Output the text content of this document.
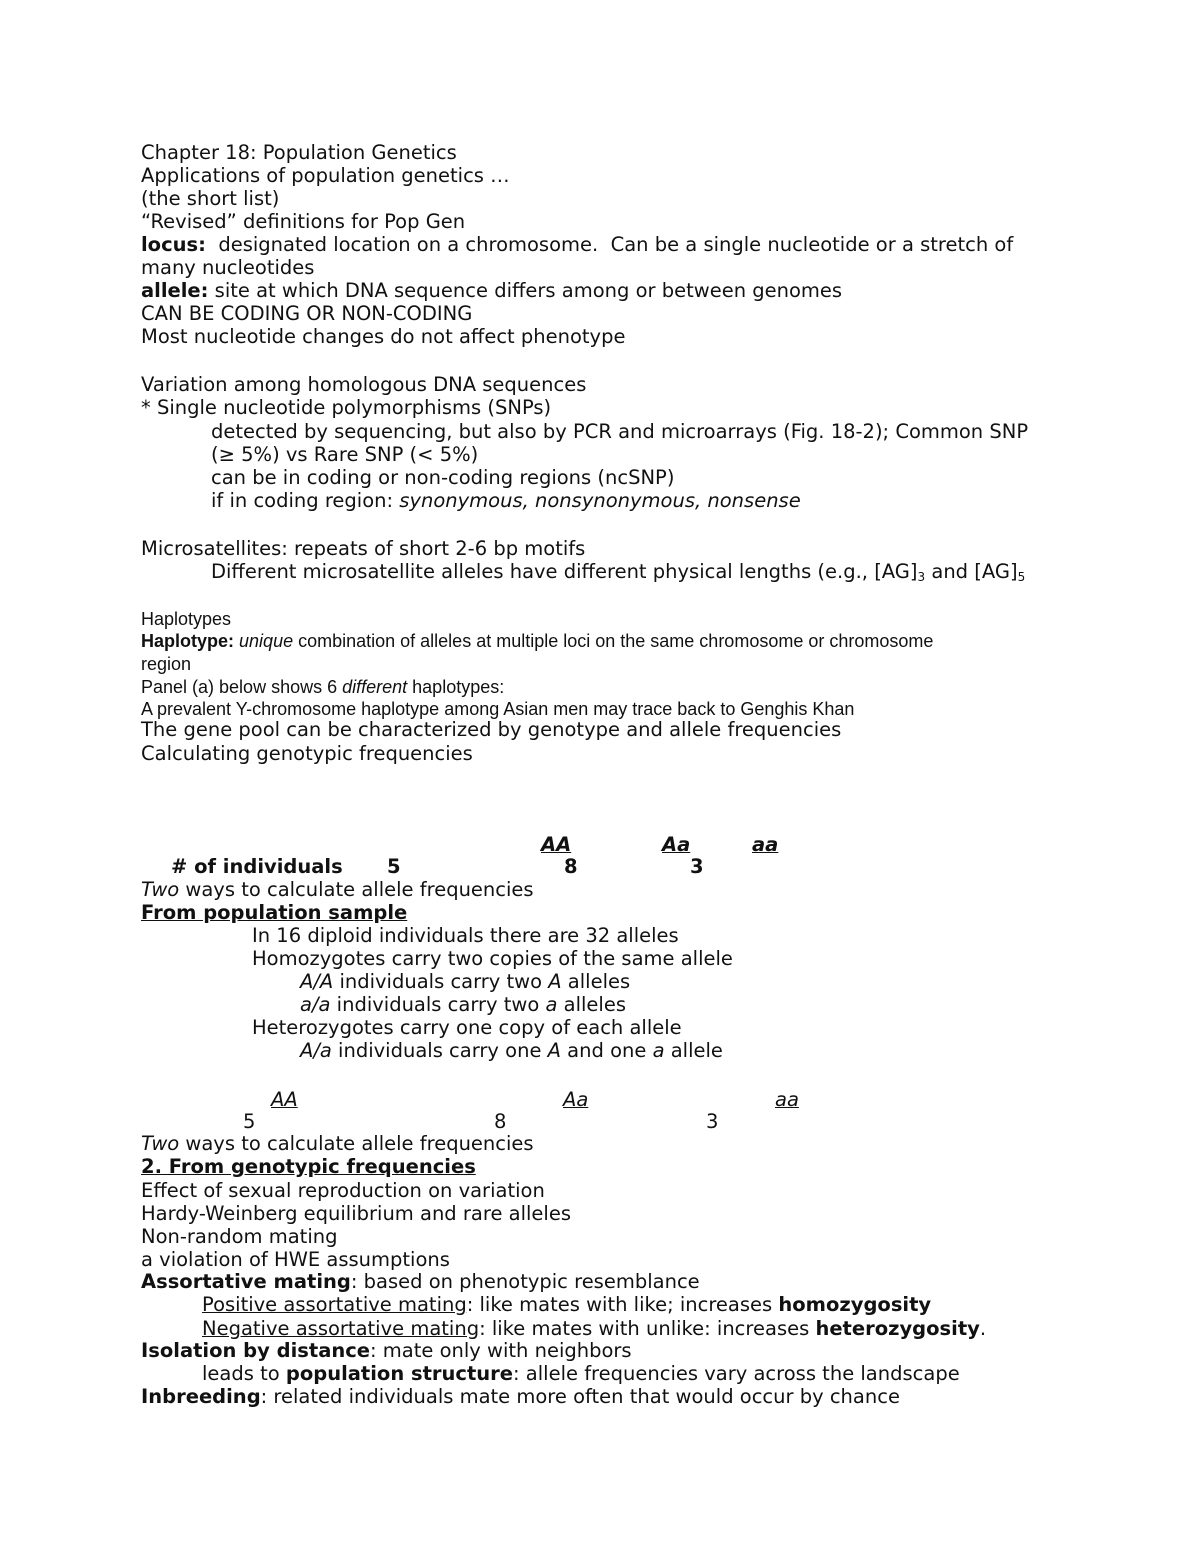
Chapter 18: Population Genetics
Applications of population genetics …
(the short list)
“Revised” definitions for Pop Gen
locus:  designated location on a chromosome.  Can be a single nucleotide or a stretch of
many nucleotides
allele: site at which DNA sequence differs among or between genomes
CAN BE CODING OR NON-CODING
Most nucleotide changes do not affect phenotype
Variation among homologous DNA sequences
* Single nucleotide polymorphisms (SNPs)
detected by sequencing, but also by PCR and microarrays (Fig. 18-2); Common SNP
(≥ 5%) vs Rare SNP (< 5%)
can be in coding or non-coding regions (ncSNP)
if in coding region: synonymous, nonsynonymous, nonsense
Microsatellites: repeats of short 2-6 bp motifs
Different microsatellite alleles have different physical lengths (e.g., $[AG]_3$ and $[AG]_5$
Haplotypes
Haplotype: unique combination of alleles at multiple loci on the same chromosome or chromosome
region
Panel (a) below shows 6 different haplotypes:
A prevalent Y-chromosome haplotype among Asian men may trace back to Genghis Khan
The gene pool can be characterized by genotype and allele frequencies
Calculating genotypic frequencies
AA	Aa	aa
# of individuals 5	8	3
Two ways to calculate allele frequencies
From population sample
In 16 diploid individuals there are 32 alleles
Homozygotes carry two copies of the same allele
A/A individuals carry two A alleles
a/a individuals carry two a alleles
Heterozygotes carry one copy of each allele
A/a individuals carry one A and one a allele
AA	Aa	aa
5	8	3
Two ways to calculate allele frequencies
2. From genotypic frequencies
Effect of sexual reproduction on variation
Hardy-Weinberg equilibrium and rare alleles
Non-random mating
a violation of HWE assumptions
Assortative mating: based on phenotypic resemblance
Positive assortative mating: like mates with like; increases homozygosity
Negative assortative mating: like mates with unlike: increases heterozygosity.
Isolation by distance: mate only with neighbors
leads to population structure: allele frequencies vary across the landscape
Inbreeding: related individuals mate more often that would occur by chance
